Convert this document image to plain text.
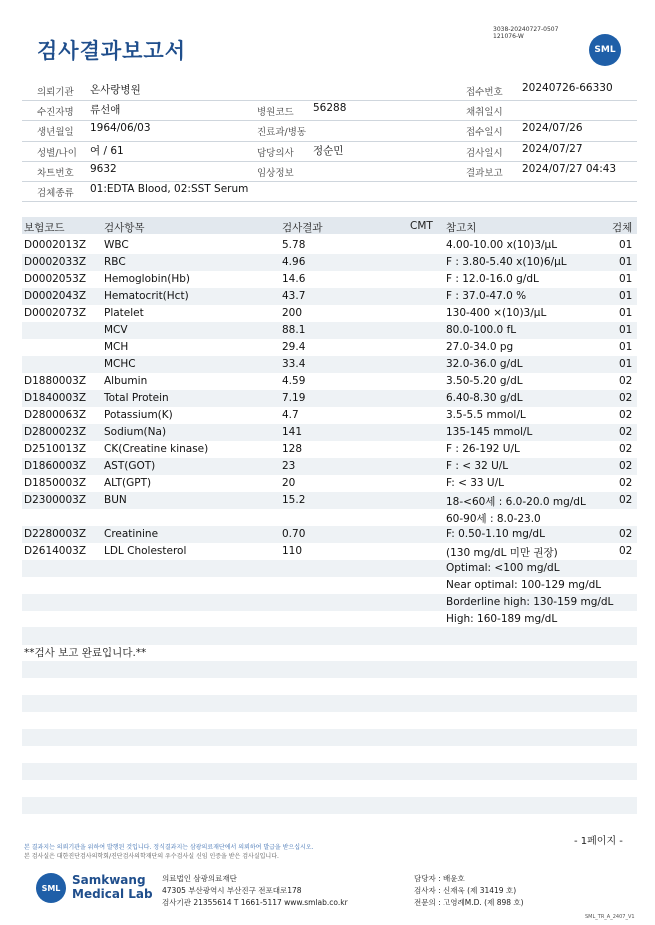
검사결과보고서
3038-20240727-0507
121076-W
SML
의뢰기관 온사랑병원
수진자명 류선애
생년월일 1964/06/03
성별/나이 여 / 61
차트번호 9632
검체종류 01:EDTA Blood, 02:SST Serum
병원코드 56288
진료과/병동
담당의사 정순민
임상정보
접수번호 20240726-66330
채취일시
접수일시 2024/07/26
검사일시 2024/07/27
결과보고 2024/07/27 04:43
보험코드	검사항목	검사결과	CMT 참고치	검체
D0002013Z WBC	5.78	4.00-10.00 x(10)3/μL	01
D0002033Z RBC	4.96	F : 3.80-5.40 x(10)6/μL	01
D0002053Z Hemoglobin(Hb)	14.6	F : 12.0-16.0 g/dL	01
D0002043Z Hematocrit(Hct)	43.7	F : 37.0-47.0 %	01
D0002073Z Platelet	200	130-400 ×(10)3/μL	01
MCV	88.1	80.0-100.0 fL	01
MCH	29.4	27.0-34.0 pg	01
MCHC	33.4	32.0-36.0 g/dL	01
D1880003Z Albumin	4.59	3.50-5.20 g/dL	02
D1840003Z Total Protein	7.19	6.40-8.30 g/dL	02
D2800063Z Potassium(K)	4.7	3.5-5.5 mmol/L	02
D2800023Z Sodium(Na)	141	135-145 mmol/L	02
D2510013Z CK(Creatine kinase)	128	F : 26-192 U/L	02
D1860003Z AST(GOT)	23	F : < 32 U/L	02
D1850003Z ALT(GPT)	20	F: < 33 U/L	02
D2300003Z BUN	15.2	18-<60세 : 6.0-20.0 mg/dL	02
60-90세 : 8.0-23.0
D2280003Z Creatinine	0.70	F: 0.50-1.10 mg/dL	02
D2614003Z LDL Cholesterol	110	(130 mg/dL 미만 권장)	02
Optimal: <100 mg/dL
Near optimal: 100-129 mg/dL
Borderline high: 130-159 mg/dL
High: 160-189 mg/dL
**검사 보고 완료입니다.**
본 결과지는 의뢰기관을 위하여 발행된 것입니다. 정식결과지는 삼광의료재단에서 의뢰하여 발급을 받으십시오.
본 검사실은 대한진단검사의학회/진단검사의학재단의 우수검사실 신임 인증을 받은 검사실입니다.
- 1페이지 -
SML
Samkwang
Medical Lab
의료법인 삼광의료재단
47305 부산광역시 부산진구 전포대로178
검사기관 21355614 T 1661-5117 www.smlab.co.kr
담당자 : 배윤호
검사자 : 신재욱 (제 31419 호)
전문의 : 고영례M.D. (제 898 호)
SML_TR_A_2407_V1
